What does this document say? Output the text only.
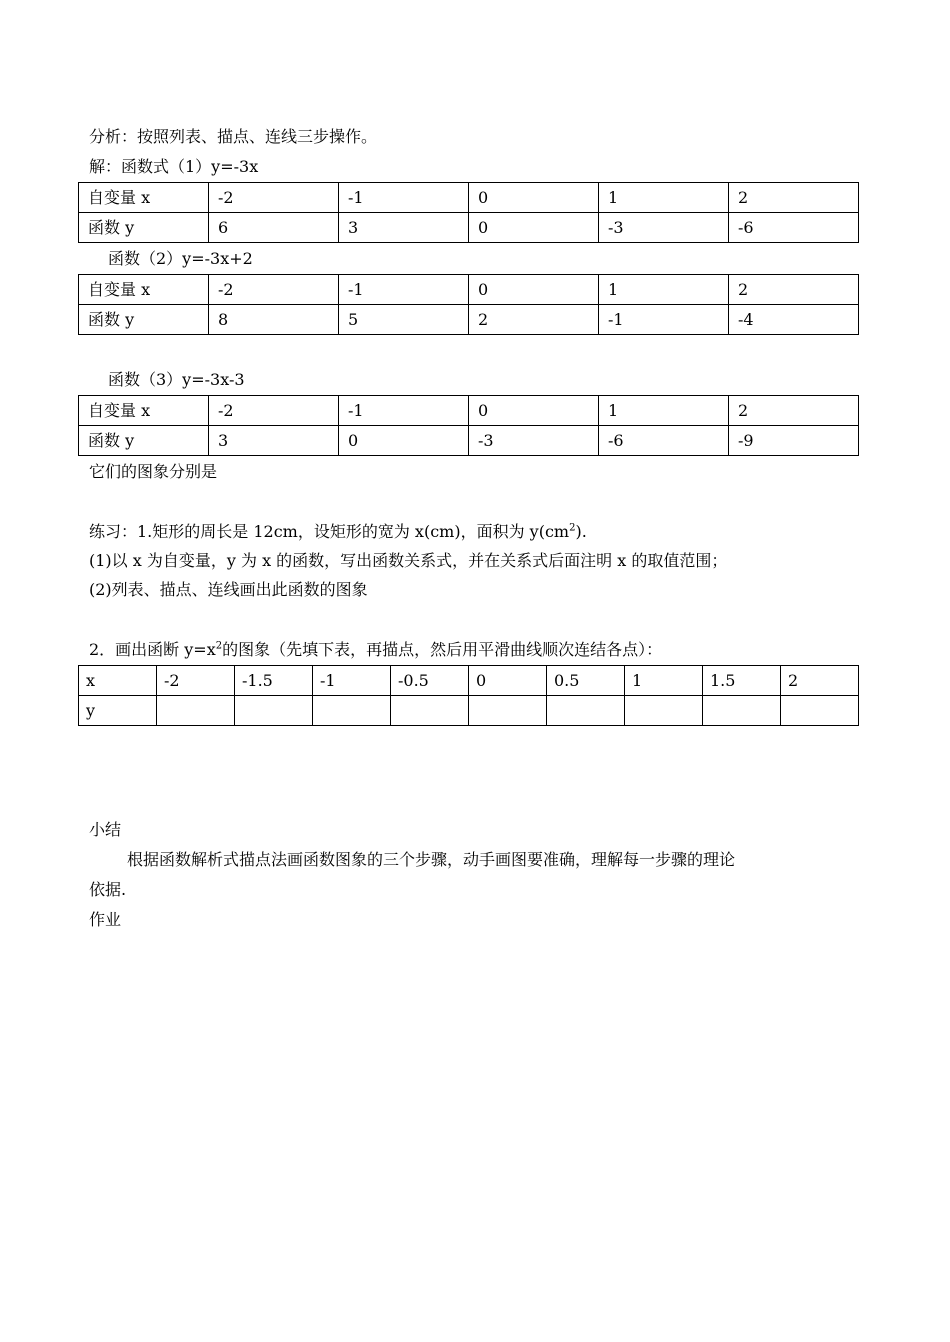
分析：按照列表、描点、连线三步操作。
解：函数式（1）y=-3x
自变量 x	-2	-1	0	1	2
函数 y	6	3	0	-3	-6
函数（2）y=-3x+2
自变量 x	-2	-1	0	1	2
函数 y	8	5	2	-1	-4
函数（3）y=-3x-3
自变量 x	-2	-1	0	1	2
函数 y	3	0	-3	-6	-9
它们的图象分别是
练习：1.矩形的周长是 12cm，设矩形的宽为 x(cm)，面积为 $y(cm^2)$.
(1)以 x 为自变量，y 为 x 的函数，写出函数关系式，并在关系式后面注明 x 的取值范围；
(2)列表、描点、连线画出此函数的图象
2．画出函断 $y=x^2$的图象（先填下表，再描点，然后用平滑曲线顺次连结各点）：
x	-2	-1.5	-1	-0.5	0	0.5	1	1.5	2
y									
小结
根据函数解析式描点法画函数图象的三个步骤，动手画图要准确，理解每一步骤的理论
依据.
作业
